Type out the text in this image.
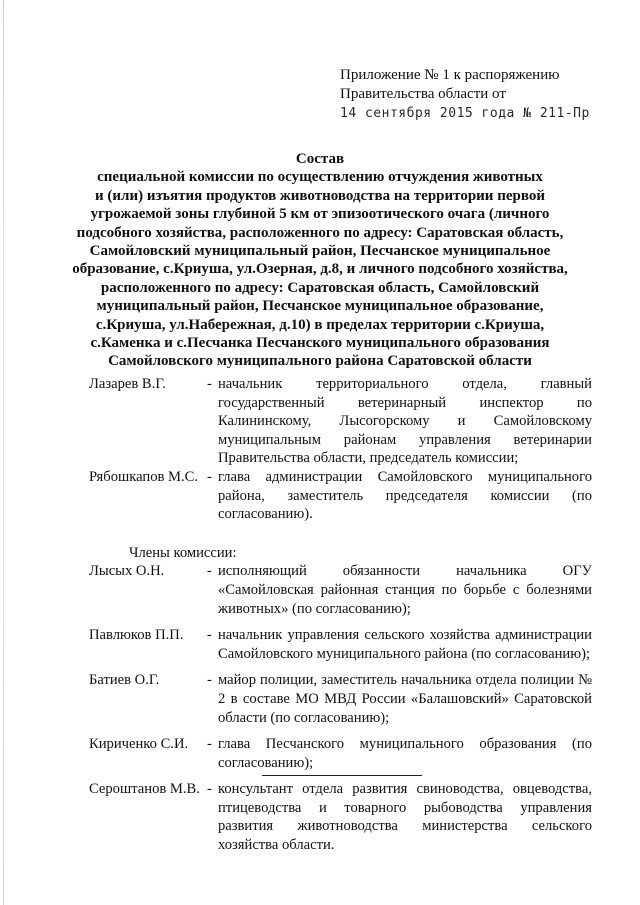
Приложение № 1 к распоряжению
Правительства области от
14 сентября 2015 года № 211-Пр
Состав
специальной комиссии по осуществлению отчуждения животных
и (или) изъятия продуктов животноводства на территории первой
угрожаемой зоны глубиной 5 км от эпизоотического очага (личного
подсобного хозяйства, расположенного по адресу: Саратовская область,
Самойловский муниципальный район, Песчанское муниципальное
образование, с.Криуша, ул.Озерная, д.8, и личного подсобного хозяйства,
расположенного по адресу: Саратовская область, Самойловский
муниципальный район, Песчанское муниципальное образование,
с.Криуша, ул.Набережная, д.10) в пределах территории с.Криуша,
с.Каменка и с.Песчанка Песчанского муниципального образования
Самойловского муниципального района Саратовской области
Лазарев В.Г.	- начальник территориального отдела, главный государственный ветеринарный инспектор по Калининскому, Лысогорскому и Самойловскому муниципальным районам управления ветеринарии Правительства области, председатель комиссии;
Рябошкапов М.С. - глава администрации Самойловского муниципального района, заместитель председателя комиссии (по согласованию).
Члены комиссии:
Лысых О.Н.	- исполняющий обязанности начальника ОГУ «Самойловская районная станция по борьбе с болезнями животных» (по согласованию);
Павлюков П.П.	- начальник управления сельского хозяйства администрации Самойловского муниципального района (по согласованию);
Батиев О.Г.	- майор полиции, заместитель начальника отдела полиции № 2 в составе МО МВД России «Балашовский» Саратовской области (по согласованию);
Кириченко С.И.	- глава Песчанского муниципального образования (по согласованию);
Сероштанов М.В. - консультант отдела развития свиноводства, овцеводства, птицеводства и товарного рыбоводства управления развития животноводства министерства сельского хозяйства области.
